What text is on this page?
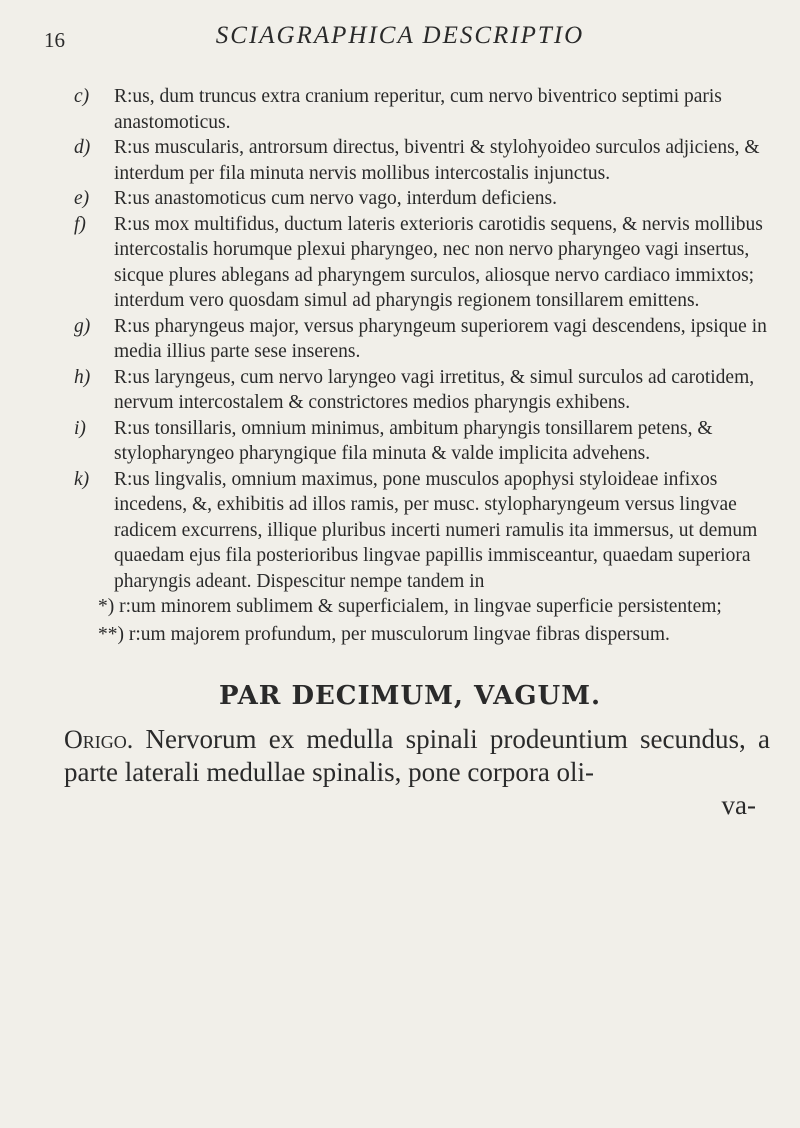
16	SCIAGRAPHICA DESCRIPTIO
c) R:us, dum truncus extra cranium reperitur, cum nervo biventrico septimi paris anastomoticus.

d) R:us muscularis, antrorsum directus, biventri & stylohyoideo surculos adjiciens, & interdum per fila minuta nervis mollibus intercostalis injunctus.

e) R:us anastomoticus cum nervo vago, interdum deficiens.

f) R:us mox multifidus, ductum lateris exterioris carotidis sequens, & nervis mollibus intercostalis horumque plexui pharyngeo, nec non nervo pharyngeo vagi insertus, sicque plures ablegans ad pharyngem surculos, aliosque nervo cardiaco immixtos; interdum vero quosdam simul ad pharyngis regionem tonsillarem emittens.

g) R:us pharyngeus major, versus pharyngeum superiorem vagi descendens, ipsique in media illius parte sese inserens.

h) R:us laryngeus, cum nervo laryngeo vagi irretitus, & simul surculos ad carotidem, nervum intercostalem & constrictores medios pharyngis exhibens.

i) R:us tonsillaris, omnium minimus, ambitum pharyngis tonsillarem petens, & stylopharyngeo pharyngique fila minuta & valde implicita advehens.

k) R:us lingvalis, omnium maximus, pone musculos apophysi styloideae infixos incedens, &, exhibitis ad illos ramis, per musc. stylopharyngeum versus lingvae radicem excurrens, illique pluribus incerti numeri ramulis ita immersus, ut demum quaedam ejus fila posterioribus lingvae papillis immisceantur, quaedam superiora pharyngis adeant. Dispescitur nempe tandem in

*) r:um minorem sublimem & superficialem, in lingvae superficie persistentem;

**) r:um majorem profundum, per musculorum lingvae fibras dispersum.

PAR DECIMUM, VAGUM.

Origo. Nervorum ex medulla spinali prodeuntium secundus, a parte laterali medullae spinalis, pone corpora oli-

va-
